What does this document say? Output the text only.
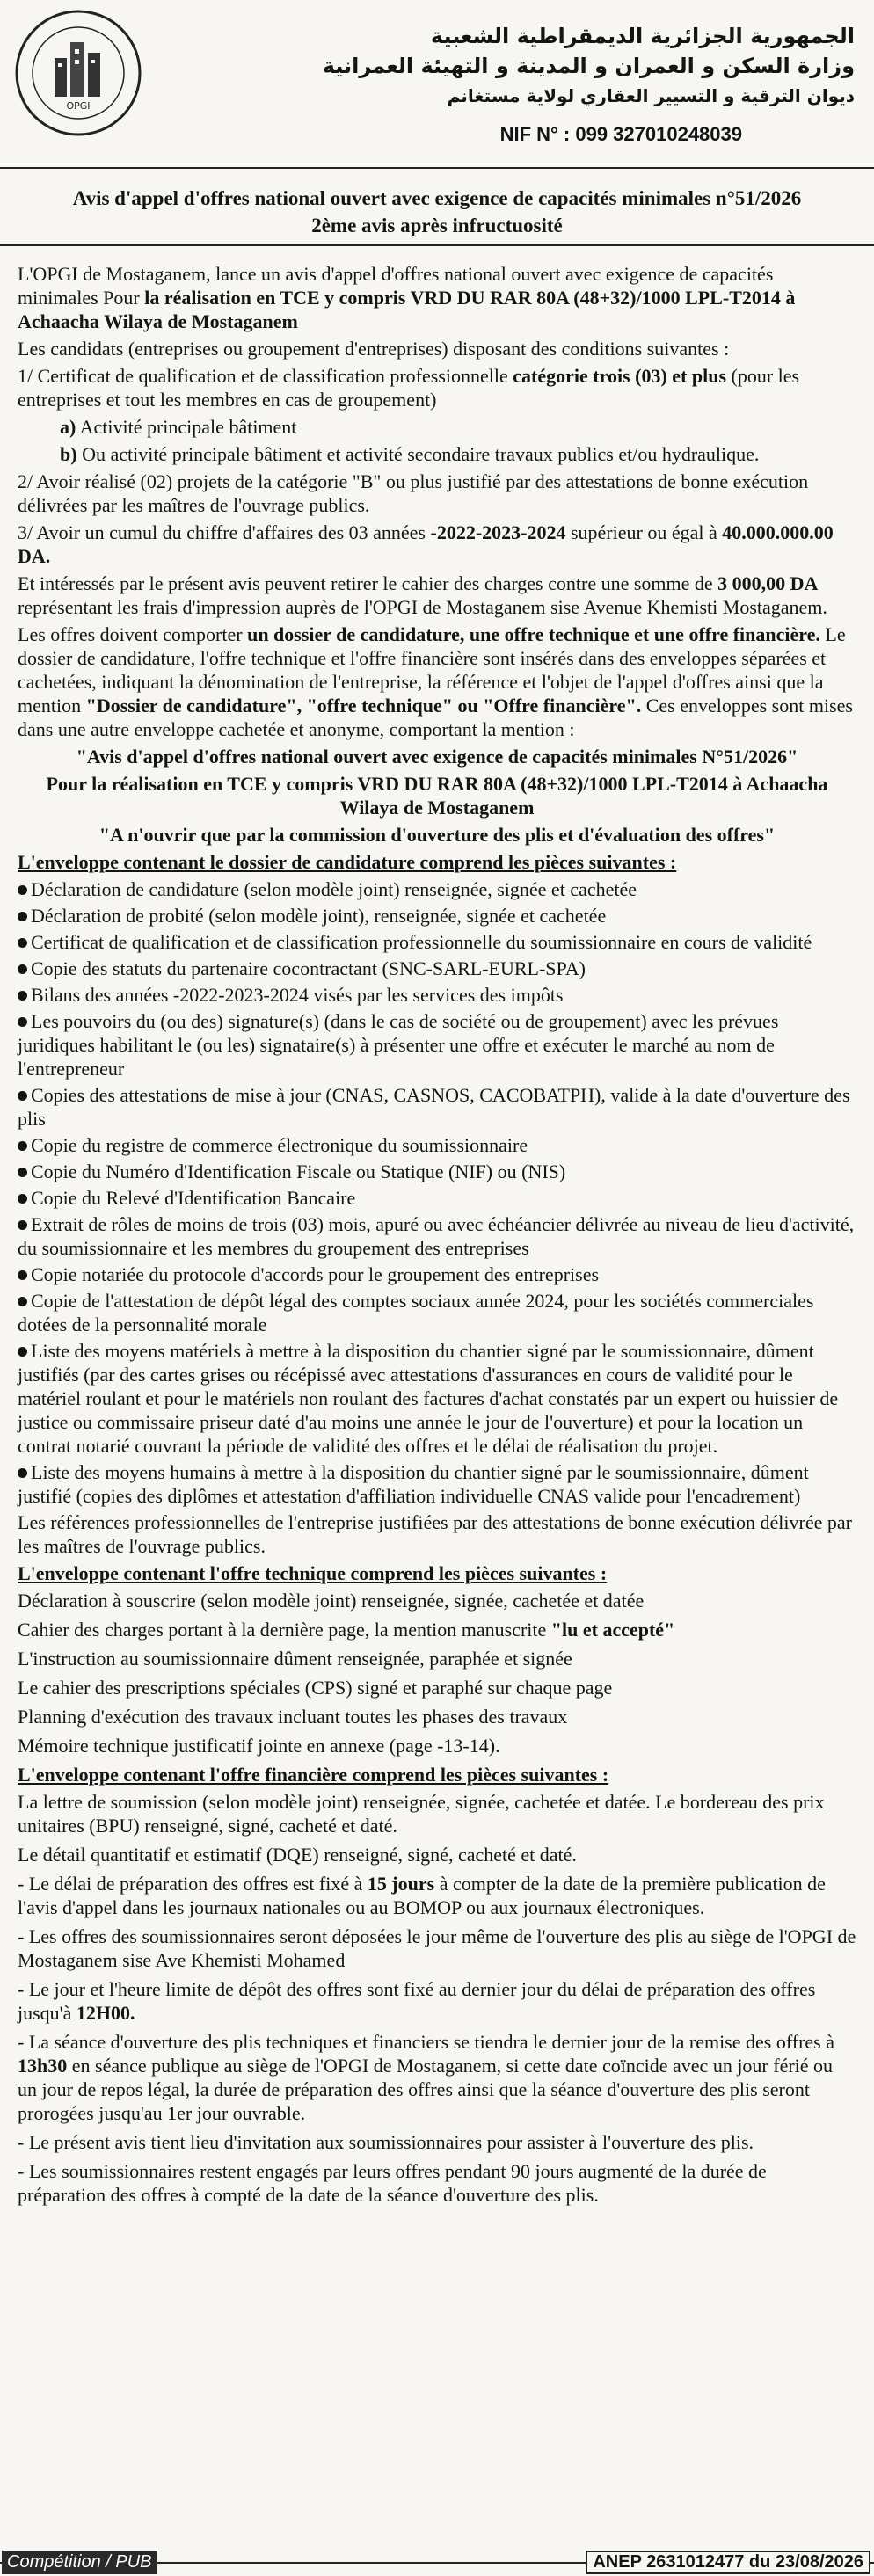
OPGI
الجمهورية الجزائرية الديمقراطية الشعبية
وزارة السكن و العمران و المدينة و التهيئة العمرانية
ديوان الترقية و التسيير العقاري لولاية مستغانم
NIF N° : 099 327010248039
Avis d'appel d'offres national ouvert avec exigence de capacités minimales n°51/2026
2ème avis après infructuosité

L'OPGI de Mostaganem, lance un avis d'appel d'offres national ouvert avec exigence de capacités minimales Pour la réalisation en TCE y compris VRD DU RAR 80A (48+32)/1000 LPL-T2014 à Achaacha Wilaya de Mostaganem

Les candidats (entreprises ou groupement d'entreprises) disposant des conditions suivantes :

1/ Certificat de qualification et de classification professionnelle catégorie trois (03) et plus (pour les entreprises et tout les membres en cas de groupement)

a) Activité principale bâtiment

b) Ou activité principale bâtiment et activité secondaire travaux publics et/ou hydraulique.

2/ Avoir réalisé (02) projets de la catégorie "B" ou plus justifié par des attestations de bonne exécution délivrées par les maîtres de l'ouvrage publics.

3/ Avoir un cumul du chiffre d'affaires des 03 années -2022-2023-2024 supérieur ou égal à 40.000.000.00 DA.

Et intéressés par le présent avis peuvent retirer le cahier des charges contre une somme de 3 000,00 DA représentant les frais d'impression auprès de l'OPGI de Mostaganem sise Avenue Khemisti Mostaganem.

Les offres doivent comporter un dossier de candidature, une offre technique et une offre financière. Le dossier de candidature, l'offre technique et l'offre financière sont insérés dans des enveloppes séparées et cachetées, indiquant la dénomination de l'entreprise, la référence et l'objet de l'appel d'offres ainsi que la mention "Dossier de candidature", "offre technique" ou "Offre financière". Ces enveloppes sont mises dans une autre enveloppe cachetée et anonyme, comportant la mention :

"Avis d'appel d'offres national ouvert avec exigence de capacités minimales N°51/2026"

Pour la réalisation en TCE y compris VRD DU RAR 80A (48+32)/1000 LPL-T2014 à Achaacha Wilaya de Mostaganem

"A n'ouvrir que par la commission d'ouverture des plis et d'évaluation des offres"

L'enveloppe contenant le dossier de candidature comprend les pièces suivantes :

Déclaration de candidature (selon modèle joint) renseignée, signée et cachetée
Déclaration de probité (selon modèle joint), renseignée, signée et cachetée
Certificat de qualification et de classification professionnelle du soumissionnaire en cours de validité
Copie des statuts du partenaire cocontractant (SNC-SARL-EURL-SPA)
Bilans des années -2022-2023-2024 visés par les services des impôts
Les pouvoirs du (ou des) signature(s) (dans le cas de société ou de groupement) avec les prévues juridiques habilitant le (ou les) signataire(s) à présenter une offre et exécuter le marché au nom de l'entrepreneur
Copies des attestations de mise à jour (CNAS, CASNOS, CACOBATPH), valide à la date d'ouverture des plis
Copie du registre de commerce électronique du soumissionnaire
Copie du Numéro d'Identification Fiscale ou Statique (NIF) ou (NIS)
Copie du Relevé d'Identification Bancaire
Extrait de rôles de moins de trois (03) mois, apuré ou avec échéancier délivrée au niveau de lieu d'activité, du soumissionnaire et les membres du groupement des entreprises
Copie notariée du protocole d'accords pour le groupement des entreprises
Copie de l'attestation de dépôt légal des comptes sociaux année 2024, pour les sociétés commerciales dotées de la personnalité morale
Liste des moyens matériels à mettre à la disposition du chantier signé par le soumissionnaire, dûment justifiés (par des cartes grises ou récépissé avec attestations d'assurances en cours de validité pour le matériel roulant et pour le matériels non roulant des factures d'achat constatés par un expert ou huissier de justice ou commissaire priseur daté d'au moins une année le jour de l'ouverture) et pour la location un contrat notarié couvrant la période de validité des offres et le délai de réalisation du projet.
Liste des moyens humains à mettre à la disposition du chantier signé par le soumissionnaire, dûment justifié (copies des diplômes et attestation d'affiliation individuelle CNAS valide pour l'encadrement)

Les références professionnelles de l'entreprise justifiées par des attestations de bonne exécution délivrée par les maîtres de l'ouvrage publics.

L'enveloppe contenant l'offre technique comprend les pièces suivantes :

Déclaration à souscrire (selon modèle joint) renseignée, signée, cachetée et datée

Cahier des charges portant à la dernière page, la mention manuscrite "lu et accepté"

L'instruction au soumissionnaire dûment renseignée, paraphée et signée

Le cahier des prescriptions spéciales (CPS) signé et paraphé sur chaque page

Planning d'exécution des travaux incluant toutes les phases des travaux

Mémoire technique justificatif jointe en annexe (page -13-14).

L'enveloppe contenant l'offre financière comprend les pièces suivantes :

La lettre de soumission (selon modèle joint) renseignée, signée, cachetée et datée. Le bordereau des prix unitaires (BPU) renseigné, signé, cacheté et daté.

Le détail quantitatif et estimatif (DQE) renseigné, signé, cacheté et daté.

- Le délai de préparation des offres est fixé à 15 jours à compter de la date de la première publication de l'avis d'appel dans les journaux nationales ou au BOMOP ou aux journaux électroniques.

- Les offres des soumissionnaires seront déposées le jour même de l'ouverture des plis au siège de l'OPGI de Mostaganem sise Ave Khemisti Mohamed

- Le jour et l'heure limite de dépôt des offres sont fixé au dernier jour du délai de préparation des offres jusqu'à 12H00.

- La séance d'ouverture des plis techniques et financiers se tiendra le dernier jour de la remise des offres à 13h30 en séance publique au siège de l'OPGI de Mostaganem, si cette date coïncide avec un jour férié ou un jour de repos légal, la durée de préparation des offres ainsi que la séance d'ouverture des plis seront prorogées jusqu'au 1er jour ouvrable.

- Le présent avis tient lieu d'invitation aux soumissionnaires pour assister à l'ouverture des plis.

- Les soumissionnaires restent engagés par leurs offres pendant 90 jours augmenté de la durée de préparation des offres à compté de la date de la séance d'ouverture des plis.

Compétition / PUB	ANEP 2631012477 du 23/08/2026
